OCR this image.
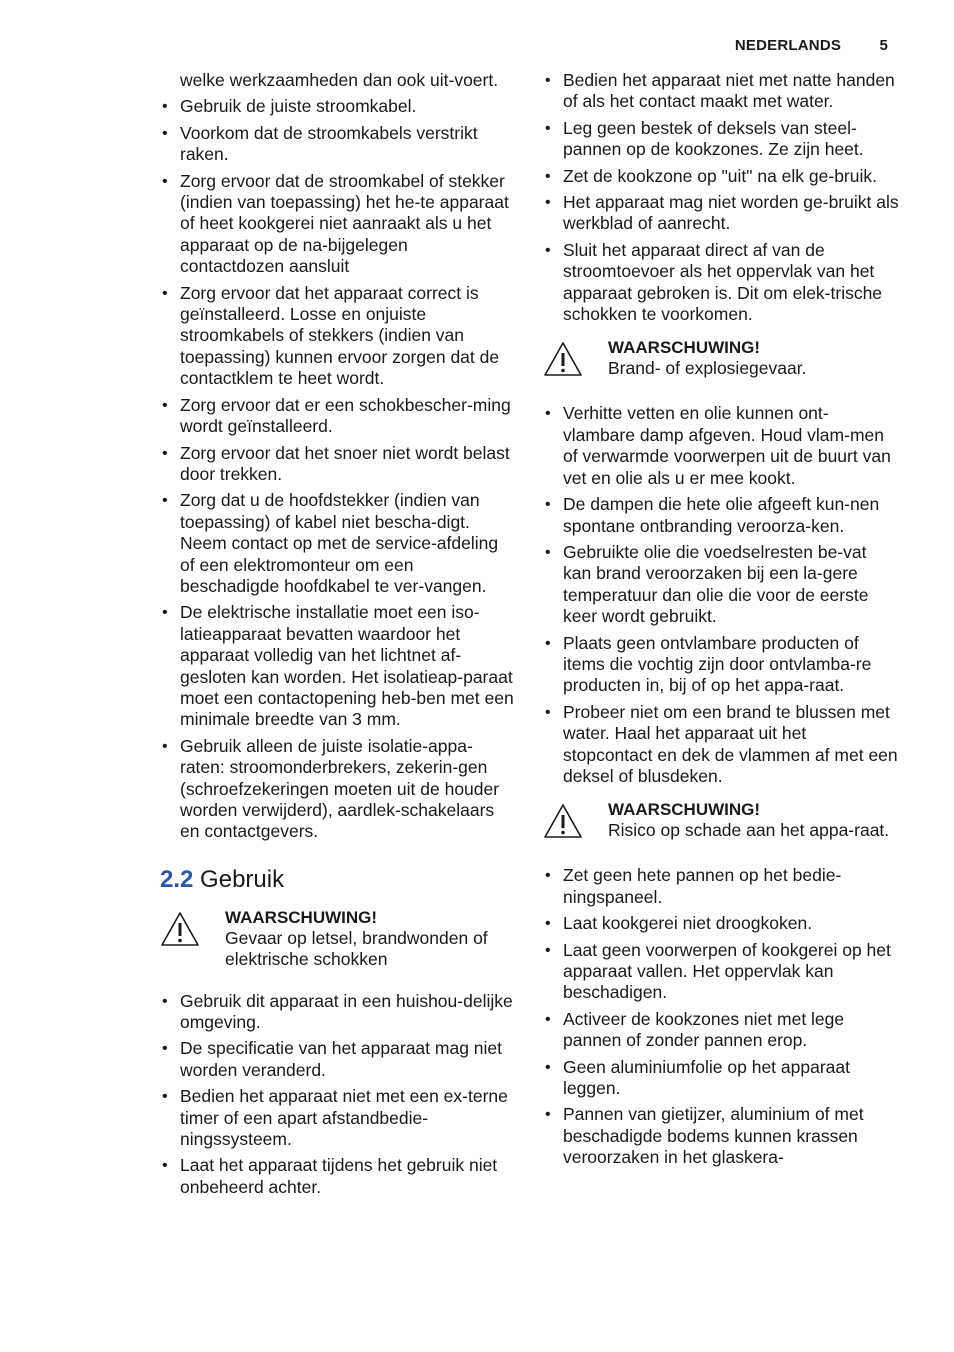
NEDERLANDS	5

welke werkzaamheden dan ook uit-voert.

• Gebruik de juiste stroomkabel.
• Voorkom dat de stroomkabels verstrikt raken.
• Zorg ervoor dat de stroomkabel of stekker (indien van toepassing) het he-te apparaat of heet kookgerei niet aanraakt als u het apparaat op de na-bijgelegen contactdozen aansluit
• Zorg ervoor dat het apparaat correct is geïnstalleerd. Losse en onjuiste stroomkabels of stekkers (indien van toepassing) kunnen ervoor zorgen dat de contactklem te heet wordt.
• Zorg ervoor dat er een schokbescher-ming wordt geïnstalleerd.
• Zorg ervoor dat het snoer niet wordt belast door trekken.
• Zorg dat u de hoofdstekker (indien van toepassing) of kabel niet bescha-digt. Neem contact op met de service-afdeling of een elektromonteur om een beschadigde hoofdkabel te ver-vangen.
• De elektrische installatie moet een iso-latieapparaat bevatten waardoor het apparaat volledig van het lichtnet af-gesloten kan worden. Het isolatieap-paraat moet een contactopening heb-ben met een minimale breedte van 3 mm.
• Gebruik alleen de juiste isolatie-appa-raten: stroomonderbrekers, zekerin-gen (schroefzekeringen moeten uit de houder worden verwijderd), aardlek-schakelaars en contactgevers.
2.2 Gebruik
WAARSCHUWING!
Gevaar op letsel, brandwonden of elektrische schokken
• Gebruik dit apparaat in een huishou-delijke omgeving.
• De specificatie van het apparaat mag niet worden veranderd.
• Bedien het apparaat niet met een ex-terne timer of een apart afstandbedie-ningssysteem.
• Laat het apparaat tijdens het gebruik niet onbeheerd achter.
• Bedien het apparaat niet met natte handen of als het contact maakt met water.
• Leg geen bestek of deksels van steel-pannen op de kookzones. Ze zijn heet.
• Zet de kookzone op "uit" na elk ge-bruik.
• Het apparaat mag niet worden ge-bruikt als werkblad of aanrecht.
• Sluit het apparaat direct af van de stroomtoevoer als het oppervlak van het apparaat gebroken is. Dit om elek-trische schokken te voorkomen.
WAARSCHUWING!
Brand- of explosiegevaar.
• Verhitte vetten en olie kunnen ont-vlambare damp afgeven. Houd vlam-men of verwarmde voorwerpen uit de buurt van vet en olie als u er mee kookt.
• De dampen die hete olie afgeeft kun-nen spontane ontbranding veroorza-ken.
• Gebruikte olie die voedselresten be-vat kan brand veroorzaken bij een la-gere temperatuur dan olie die voor de eerste keer wordt gebruikt.
• Plaats geen ontvlambare producten of items die vochtig zijn door ontvlamba-re producten in, bij of op het appa-raat.
• Probeer niet om een brand te blussen met water. Haal het apparaat uit het stopcontact en dek de vlammen af met een deksel of blusdeken.
WAARSCHUWING!
Risico op schade aan het appa-raat.
• Zet geen hete pannen op het bedie-ningspaneel.
• Laat kookgerei niet droogkoken.
• Laat geen voorwerpen of kookgerei op het apparaat vallen. Het oppervlak kan beschadigen.
• Activeer de kookzones niet met lege pannen of zonder pannen erop.
• Geen aluminiumfolie op het apparaat leggen.
• Pannen van gietijzer, aluminium of met beschadigde bodems kunnen krassen veroorzaken in het glaskera-
